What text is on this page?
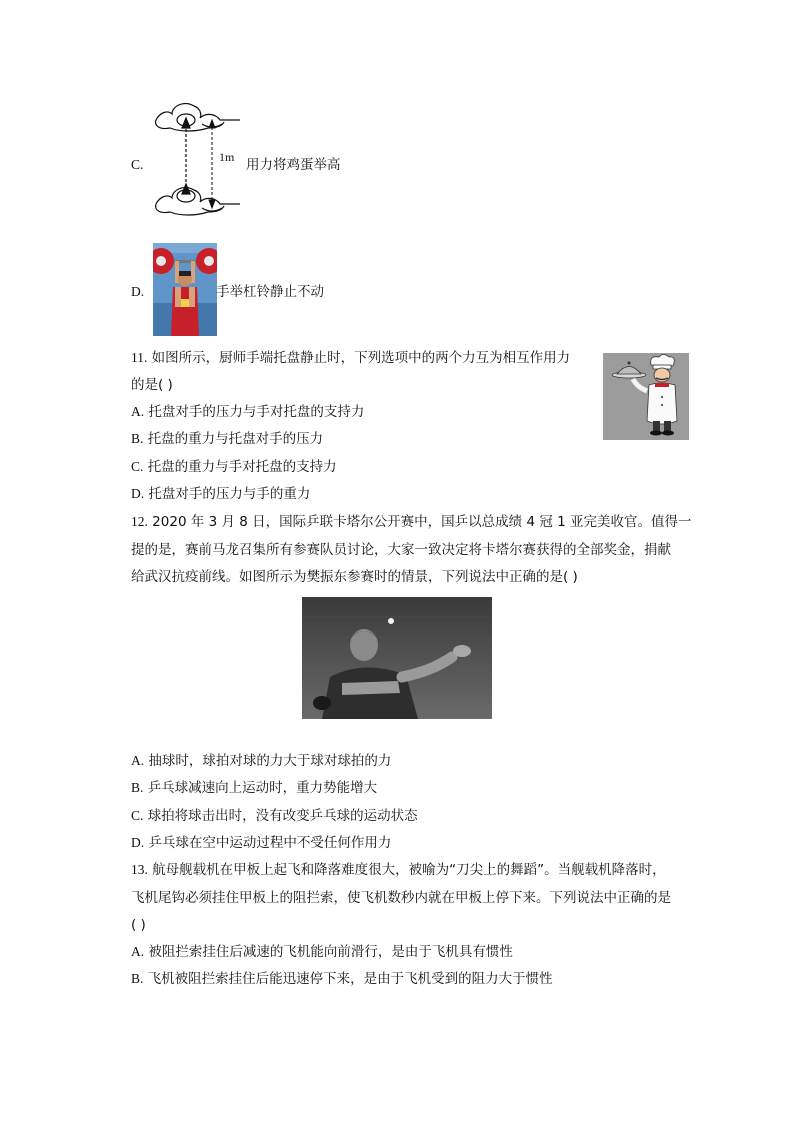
C.	1m 用力将鸡蛋举高
D.	手举杠铃静止不动
11. 如图所示，厨师手端托盘静止时，下列选项中的两个力互为相互作用力
的是( )
A. 托盘对手的压力与手对托盘的支持力
B. 托盘的重力与托盘对手的压力
C. 托盘的重力与手对托盘的支持力
D. 托盘对手的压力与手的重力
12. 2020 年 3 月 8 日，国际乒联卡塔尔公开赛中，国乒以总成绩 4 冠 1 亚完美收官。值得一
提的是，赛前马龙召集所有参赛队员讨论，大家一致决定将卡塔尔赛获得的全部奖金，捐献
给武汉抗疫前线。如图所示为樊振东参赛时的情景，下列说法中正确的是( )
A. 抽球时，球拍对球的力大于球对球拍的力
B. 乒乓球减速向上运动时，重力势能增大
C. 球拍将球击出时，没有改变乒乓球的运动状态
D. 乒乓球在空中运动过程中不受任何作用力
13. 航母舰载机在甲板上起飞和降落难度很大，被喻为“刀尖上的舞蹈”。当舰载机降落时，
飞机尾钩必须挂住甲板上的阻拦索，使飞机数秒内就在甲板上停下来。下列说法中正确的是
( )
A. 被阻拦索挂住后减速的飞机能向前滑行，是由于飞机具有惯性
B. 飞机被阻拦索挂住后能迅速停下来，是由于飞机受到的阻力大于惯性
